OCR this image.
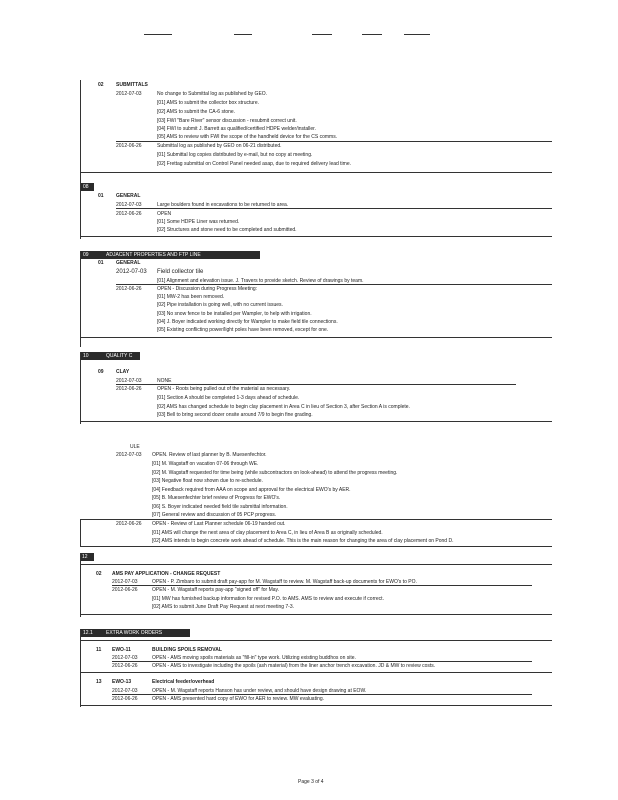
02 SUBMITTALS
2012-07-03	No change to Submittal log as published by GEO.
[01] AMS to submit the collector box structure.
[02] AMS to submit the CA-6 stone.
[03] FWI "Bare River" sensor discussion - resubmit correct unit.
[04] FWI to submit J. Barrett as qualified/certified HDPE welder/installer.
[05] AMS to review with FWI the scope of the handheld device for the CS comms.
2012-06-26	Submittal log as published by GEO on 06-21 distributed.
[01] Submittal log copies distributed by e-mail, but no copy at meeting.
[02] Frettag submittal on Control Panel needed asap, due to required delivery lead time.
08
01 GENERAL
2012-07-03	Large boulders found in excavations to be returned to area.
2012-06-26	OPEN
[01] Some HDPE Liner was returned.
[02] Structures and stone need to be completed and submitted.
09	ADJACENT PROPERTIES AND FTP LINE
01 GENERAL
2012-07-03 Field collector tile
[01] Alignment and elevation issue. J. Travers to provide sketch. Review of drawings by team.
2012-06-26	OPEN - Discussion during Progress Meeting:
[01] MW-2 has been removed.
[02] Pipe installation is going well, with no current issues.
[03] No snow fence to be installed per Wampler, to help with irrigation.
[04] J. Boyer indicated working directly for Wampler to make field tile connections.
[05] Existing conflicting power/light poles have been removed, except for one.
10	QUALITY C
09 CLAY
2012-07-03	NONE
2012-06-26	OPEN - Roots being pulled out of the material as necessary.
[01] Section A should be completed 1-3 days ahead of schedule.
[02] AMS has changed schedule to begin clay placement in Area C in lieu of Section 3, after Section A is complete.
[03] Bell to bring second dozer onsite around 7/9 to begin fine grading.
ULE
2012-07-03 OPEN. Review of last planner by B. Muesenfechtor.
[01] M. Wagstaff on vacation 07-06 through WE.
[02] M. Wagstaff requested for time being (while subcontractors on look-ahead) to attend the progress meeting.
[03] Negative float now shown due to re-schedule.
[04] Feedback required from AAA on scope and approval for the electrical EWO's by AER.
[05] B. Muesenfechter brief review of Progress for EWO's.
[06] S. Boyer indicated needed field tile submittal information.
[07] General review and discussion of 05 PCP progress.
2012-06-26 OPEN - Review of Last Planner schedule 06-19 handed out.
[01] AMS will change the next area of clay placement to Area C, in lieu of Area B as originally scheduled.
[02] AMS intends to begin concrete work ahead of schedule. This is the main reason for changing the area of clay placement on Pond D.
12
02 AMS PAY APPLICATION - CHANGE REQUEST
2012-07-03	OPEN - P. Zimbaro to submit draft pay-app for M. Wagstaff to review. M. Wagstaff back-up documents for EWO's to PO.
2012-06-26	OPEN - M. Wagstaff reports pay-app "signed off" for May.
[01] MW has furnished backup information for revised P.O. to AMS. AMS to review and execute if correct.
[02] AMS to submit June Draft Pay Request at next meeting 7-3.
12.1	EXTRA WORK ORDERS
11 EWO-11	BUILDING SPOILS REMOVAL
2012-07-03	OPEN - AMS moving spoils materials as "fill-in" type work. Utilizing existing buddhos on site.
2012-06-26	OPEN - AMS to investigate including the spoils (ash material) from the liner anchor trench excavation. JD & MW to review costs.
13 EWO-13	Electrical feeder/overhead
2012-07-03	OPEN - M. Wagstaff reports Hanson has under review, and should have design drawing at EOW.
2012-06-26	OPEN - AMS presented hard copy of EWO for AER to review. MW evaluating.
Page 3 of 4
